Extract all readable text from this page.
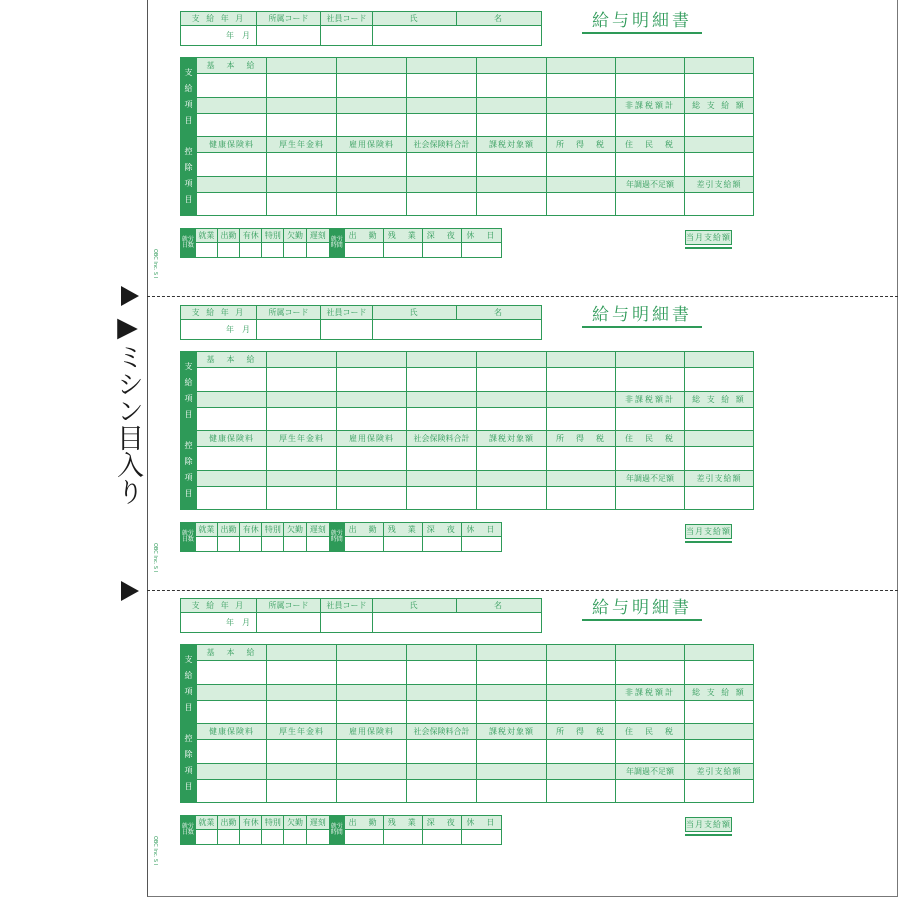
▶ミシン目入り
支 給 年 月	所属コード	社員コード	氏	名
年　月				
給与明細書
支
給
項
目	基　本　給							

							非課税額計	総 支 給 額

控
除
項
目	健康保険料	厚生年金料	雇用保険料	社会保険料合計	課税対象額	所　得　税	住　民　税	

							年調過不足額	差引支給額

就労日数	就業	出勤	有休	特別	欠勤	遅刻	就労時間	出　勤	残　業	深　夜	休　日
										当月支給額

OBC Inc. S I
支 給 年 月	所属コード	社員コード	氏	名
年　月				
給与明細書
支
給
項
目	基　本　給							

							非課税額計	総 支 給 額

控
除
項
目	健康保険料	厚生年金料	雇用保険料	社会保険料合計	課税対象額	所　得　税	住　民　税	

							年調過不足額	差引支給額

就労日数	就業	出勤	有休	特別	欠勤	遅刻	就労時間	出　勤	残　業	深　夜	休　日
										当月支給額

OBC Inc. S I
支 給 年 月	所属コード	社員コード	氏	名
年　月				
給与明細書
支
給
項
目	基　本　給							

							非課税額計	総 支 給 額

控
除
項
目	健康保険料	厚生年金料	雇用保険料	社会保険料合計	課税対象額	所　得　税	住　民　税	

							年調過不足額	差引支給額

就労日数	就業	出勤	有休	特別	欠勤	遅刻	就労時間	出　勤	残　業	深　夜	休　日
										当月支給額

OBC Inc. S I
